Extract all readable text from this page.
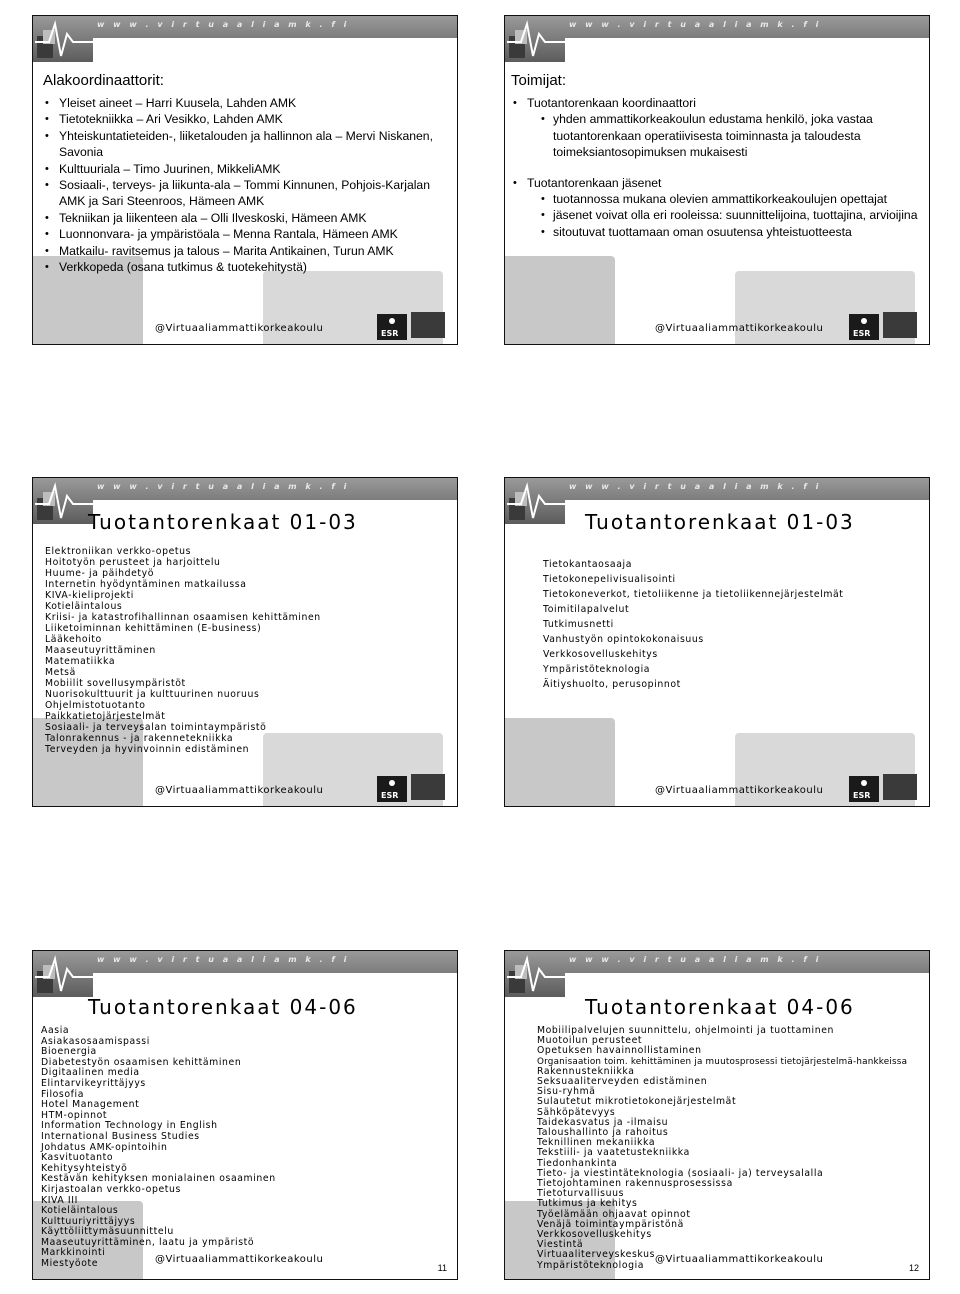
w w w . v i r t u a a l i a m k . f i
Alakoordinaattorit:
• Yleiset aineet – Harri Kuusela, Lahden AMK
• Tietotekniikka – Ari Vesikko, Lahden AMK
• Yhteiskuntatieteiden-, liiketalouden ja hallinnon ala – Mervi Niskanen, Savonia
• Kulttuuriala – Timo Juurinen, MikkeliAMK
• Sosiaali-, terveys- ja liikunta-ala – Tommi Kinnunen, Pohjois-Karjalan AMK ja Sari Steenroos, Hämeen AMK
• Tekniikan ja liikenteen ala – Olli Ilveskoski, Hämeen AMK
• Luonnonvara- ja ympäristöala – Menna Rantala, Hämeen AMK
• Matkailu- ravitsemus ja talous – Marita Antikainen, Turun AMK
• Verkkopeda (osana tutkimus & tuotekehitystä)
@Virtuaaliammattikorkeakoulu	ESR
w w w . v i r t u a a l i a m k . f i
Toimijat:
• Tuotantorenkaan koordinaattori
• yhden ammattikorkeakoulun edustama henkilö, joka vastaa tuotantorenkaan operatiivisesta toiminnasta ja taloudesta toimeksiantosopimuksen mukaisesti
• Tuotantorenkaan jäsenet
• tuotannossa mukana olevien ammattikorkeakoulujen opettajat
• jäsenet voivat olla eri rooleissa: suunnittelijoina, tuottajina, arvioijina
• sitoutuvat tuottamaan oman osuutensa yhteistuotteesta
@Virtuaaliammattikorkeakoulu	ESR
w w w . v i r t u a a l i a m k . f i
Tuotantorenkaat 01-03
Elektroniikan verkko-opetus
Hoitotyön perusteet ja harjoittelu
Huume- ja päihdetyö
Internetin hyödyntäminen matkailussa
KIVA-kieliprojekti
Kotieläintalous
Kriisi- ja katastrofihallinnan osaamisen kehittäminen
Liiketoiminnan kehittäminen (E-business)
Lääkehoito
Maaseutuyrittäminen
Matematiikka
Metsä
Mobiilit sovellusympäristöt
Nuorisokulttuurit ja kulttuurinen nuoruus
Ohjelmistotuotanto
Paikkatietojärjestelmät
Sosiaali- ja terveysalan toimintaympäristö
Talonrakennus - ja rakennetekniikka
Terveyden ja hyvinvoinnin edistäminen
@Virtuaaliammattikorkeakoulu	ESR
w w w . v i r t u a a l i a m k . f i
Tuotantorenkaat 01-03
Tietokantaosaaja
Tietokonepelivisualisointi
Tietokoneverkot, tietoliikenne ja tietoliikennejärjestelmät
Toimitilapalvelut
Tutkimusnetti
Vanhustyön opintokokonaisuus
Verkkosovelluskehitys
Ympäristöteknologia
Äitiyshuolto, perusopinnot
@Virtuaaliammattikorkeakoulu	ESR
w w w . v i r t u a a l i a m k . f i
Tuotantorenkaat 04-06
Aasia
Asiakasosaamispassi
Bioenergia
Diabetestyön osaamisen kehittäminen
Digitaalinen media
Elintarvikeyrittäjyys
Filosofia
Hotel Management
HTM-opinnot
Information Technology in English
International Business Studies
Johdatus AMK-opintoihin
Kasvituotanto
Kehitysyhteistyö
Kestävän kehityksen monialainen osaaminen
Kirjastoalan verkko-opetus
KIVA III
Kotieläintalous
Kulttuuriyrittäjyys
Käyttöliittymäsuunnittelu
Maaseutuyrittäminen, laatu ja ympäristö
Markkinointi
Miestyöote	@Virtuaaliammattikorkeakoulu
11
w w w . v i r t u a a l i a m k . f i
Tuotantorenkaat 04-06
Mobiilipalvelujen suunnittelu, ohjelmointi ja tuottaminen
Muotoilun perusteet
Opetuksen havainnollistaminen
Organisaation toim. kehittäminen ja muutosprosessi tietojärjestelmä-hankkeissa
Rakennustekniikka
Seksuaaliterveyden edistäminen
Sisu-ryhmä
Sulautetut mikrotietokonejärjestelmät
Sähköpätevyys
Taidekasvatus ja -ilmaisu
Taloushallinto ja rahoitus
Teknillinen mekaniikka
Tekstiili- ja vaatetustekniikka
Tiedonhankinta
Tieto- ja viestintäteknologia (sosiaali- ja) terveysalalla
Tietojohtaminen rakennusprosessissa
Tietoturvallisuus
Tutkimus ja kehitys
Työelämään ohjaavat opinnot
Venäjä toimintaympäristönä
Verkkosovelluskehitys
Viestintä
Virtuaaliterveyskeskus
Ympäristöteknologia
@Virtuaaliammattikorkeakoulu
12
